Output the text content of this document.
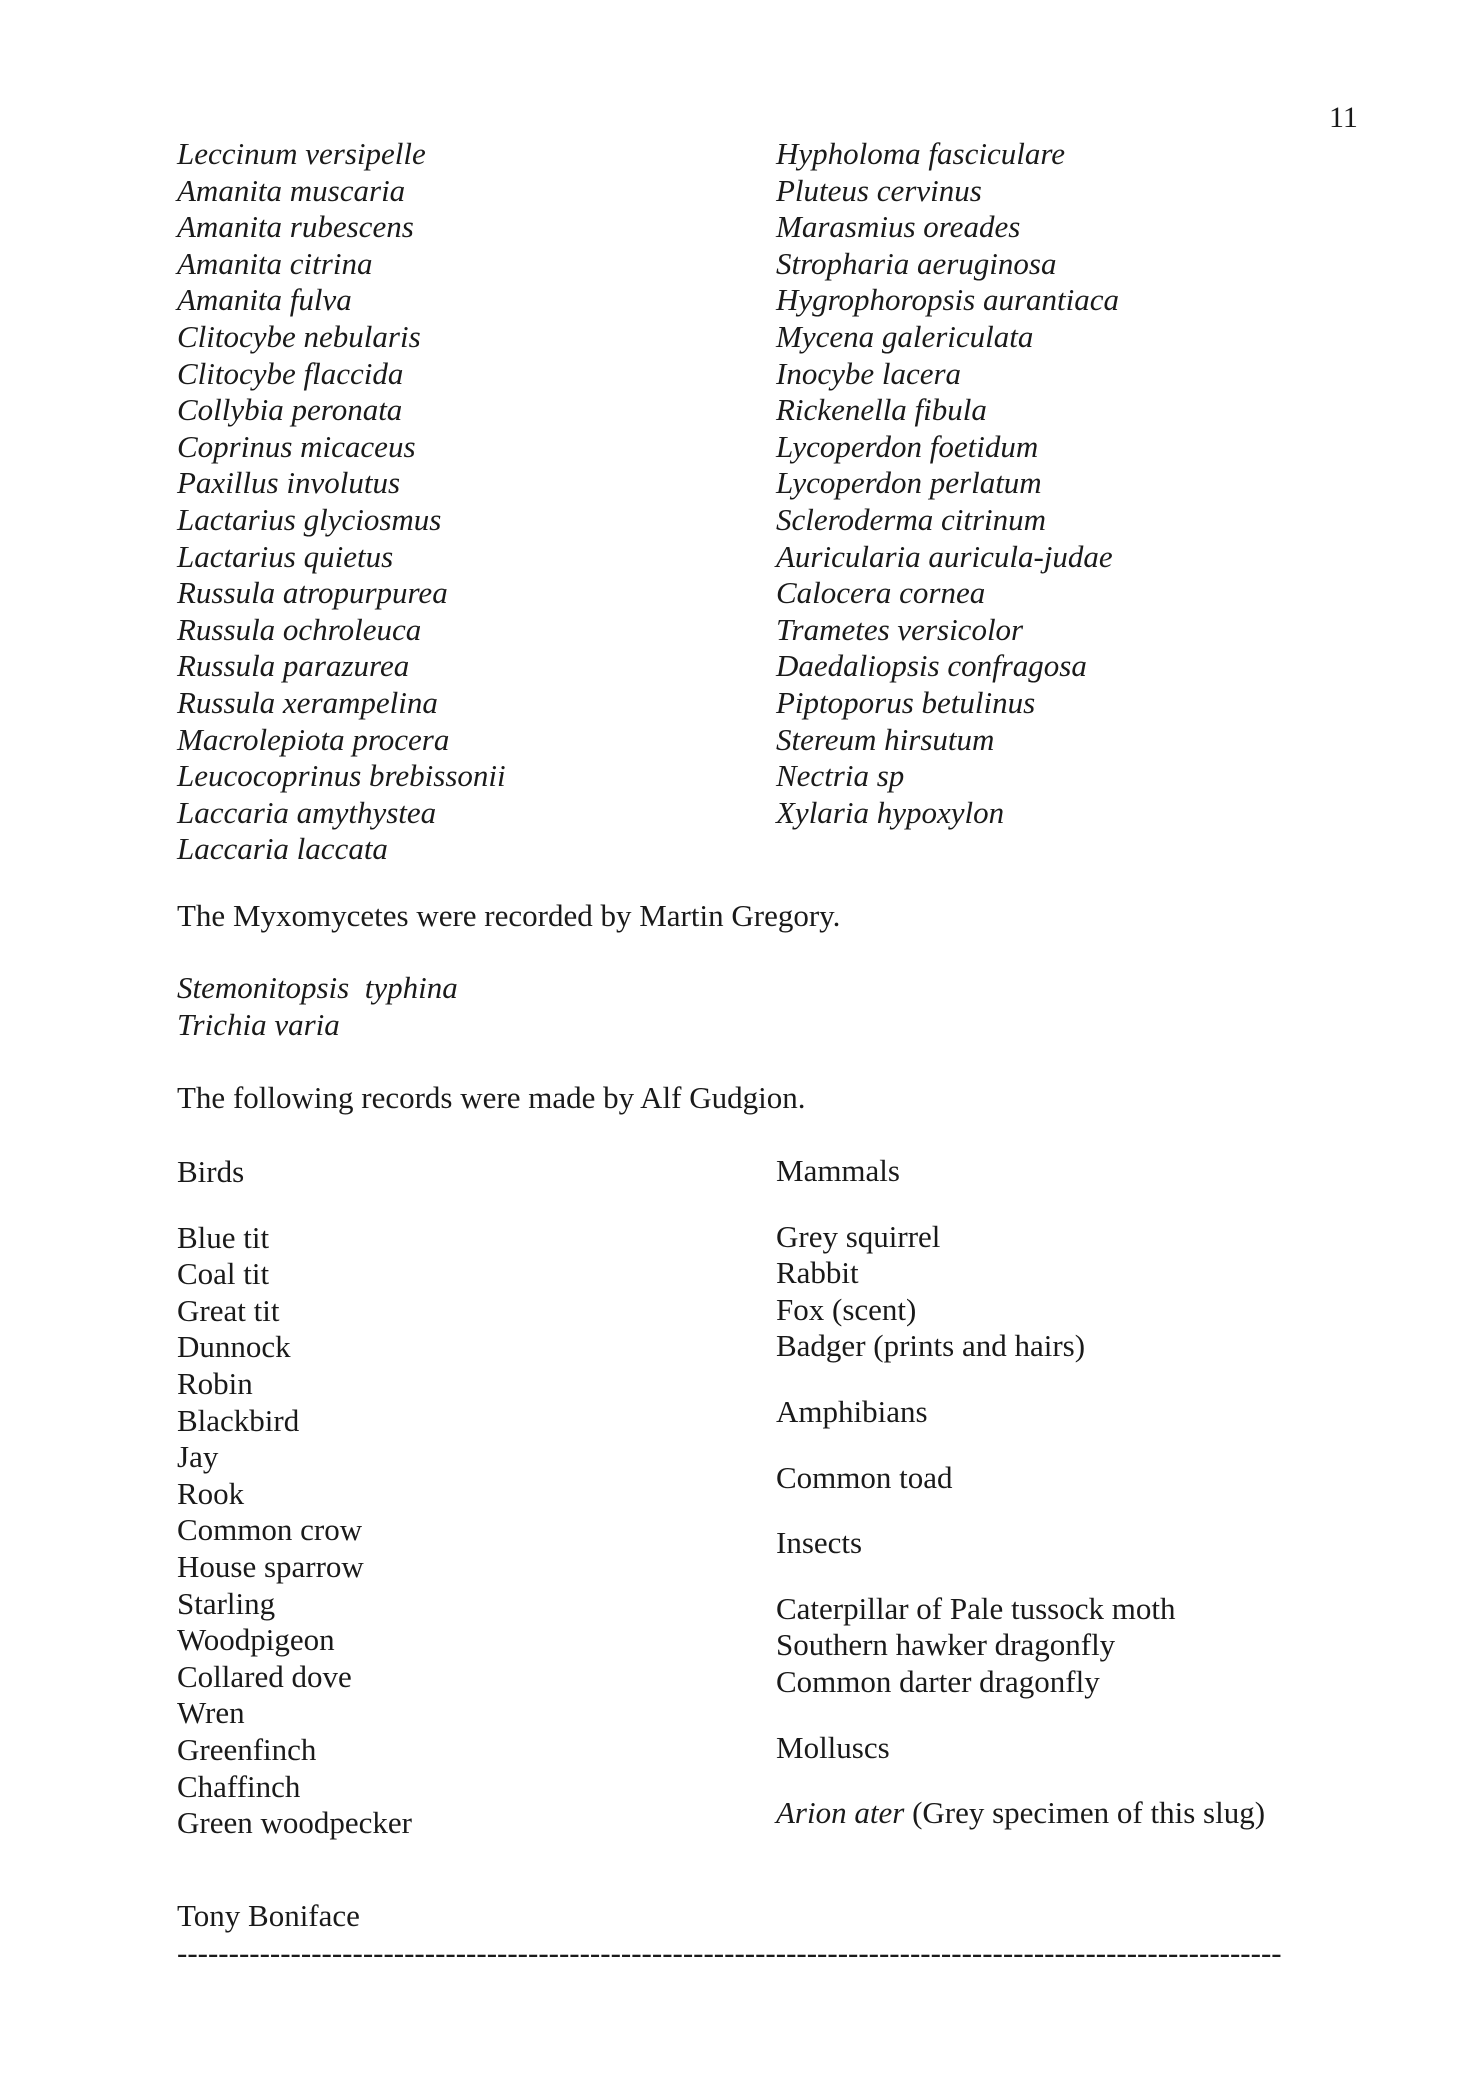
11
Leccinum versipelle
Amanita muscaria
Amanita rubescens
Amanita citrina
Amanita fulva
Clitocybe nebularis
Clitocybe flaccida
Collybia peronata
Coprinus micaceus
Paxillus involutus
Lactarius glyciosmus
Lactarius quietus
Russula atropurpurea
Russula ochroleuca
Russula parazurea
Russula xerampelina
Macrolepiota procera
Leucocoprinus brebissonii
Laccaria amythystea
Laccaria laccata
Hypholoma fasciculare
Pluteus cervinus
Marasmius oreades
Stropharia aeruginosa
Hygrophoropsis aurantiaca
Mycena galericulata
Inocybe lacera
Rickenella fibula
Lycoperdon foetidum
Lycoperdon perlatum
Scleroderma citrinum
Auricularia auricula-judae
Calocera cornea
Trametes versicolor
Daedaliopsis confragosa
Piptoporus betulinus
Stereum hirsutum
Nectria sp
Xylaria hypoxylon
The Myxomycetes were recorded by Martin Gregory.
Stemonitopsis  typhina
Trichia varia
The following records were made by Alf Gudgion.
Birds
Blue tit
Coal tit
Great tit
Dunnock
Robin
Blackbird
Jay
Rook
Common crow
House sparrow
Starling
Woodpigeon
Collared dove
Wren
Greenfinch
Chaffinch
Green woodpecker
Mammals
Grey squirrel
Rabbit
Fox (scent)
Badger (prints and hairs)
Amphibians
Common toad
Insects
Caterpillar of Pale tussock moth
Southern hawker dragonfly
Common darter dragonfly
Molluscs
Arion ater (Grey specimen of this slug)
Tony Boniface
-----------------------------------------------------------------------------------------------------------
